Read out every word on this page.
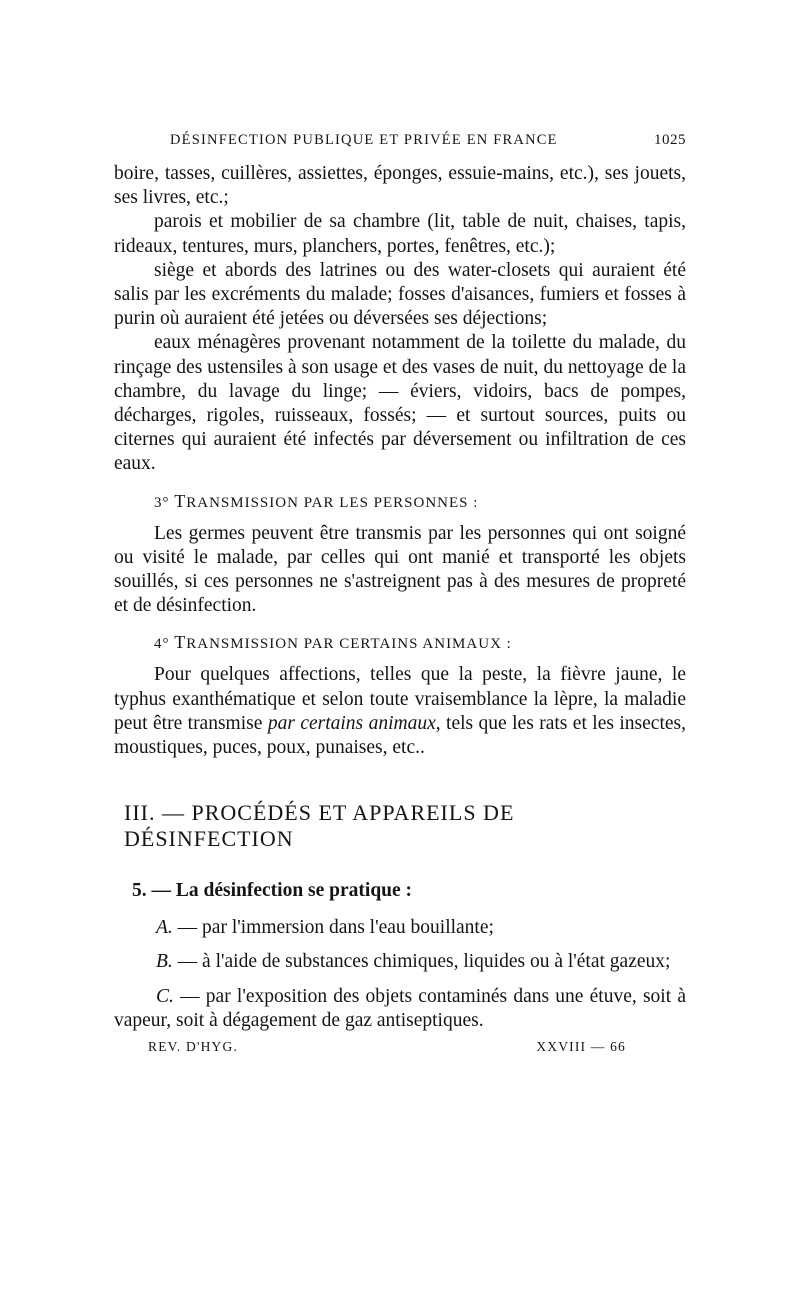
DÉSINFECTION PUBLIQUE ET PRIVÉE EN FRANCE	1025

boire, tasses, cuillères, assiettes, éponges, essuie-mains, etc.), ses jouets, ses livres, etc.;

parois et mobilier de sa chambre (lit, table de nuit, chaises, tapis, rideaux, tentures, murs, planchers, portes, fenêtres, etc.);

siège et abords des latrines ou des water-closets qui auraient été salis par les excréments du malade; fosses d'aisances, fumiers et fosses à purin où auraient été jetées ou déversées ses déjections;

eaux ménagères provenant notamment de la toilette du malade, du rinçage des ustensiles à son usage et des vases de nuit, du nettoyage de la chambre, du lavage du linge; — éviers, vidoirs, bacs de pompes, décharges, rigoles, ruisseaux, fossés; — et surtout sources, puits ou citernes qui auraient été infectés par déversement ou infiltration de ces eaux.

3° TRANSMISSION PAR LES PERSONNES :

Les germes peuvent être transmis par les personnes qui ont soigné ou visité le malade, par celles qui ont manié et transporté les objets souillés, si ces personnes ne s'astreignent pas à des mesures de propreté et de désinfection.

4° TRANSMISSION PAR CERTAINS ANIMAUX :

Pour quelques affections, telles que la peste, la fièvre jaune, le typhus exanthématique et selon toute vraisemblance la lèpre, la maladie peut être transmise par certains animaux, tels que les rats et les insectes, moustiques, puces, poux, punaises, etc..

III. — PROCÉDÉS ET APPAREILS DE DÉSINFECTION
5. — La désinfection se pratique :

A. — par l'immersion dans l'eau bouillante;

B. — à l'aide de substances chimiques, liquides ou à l'état gazeux;

C. — par l'exposition des objets contaminés dans une étuve, soit à vapeur, soit à dégagement de gaz antiseptiques.

REV. D'HYG.	XXVIII — 66
